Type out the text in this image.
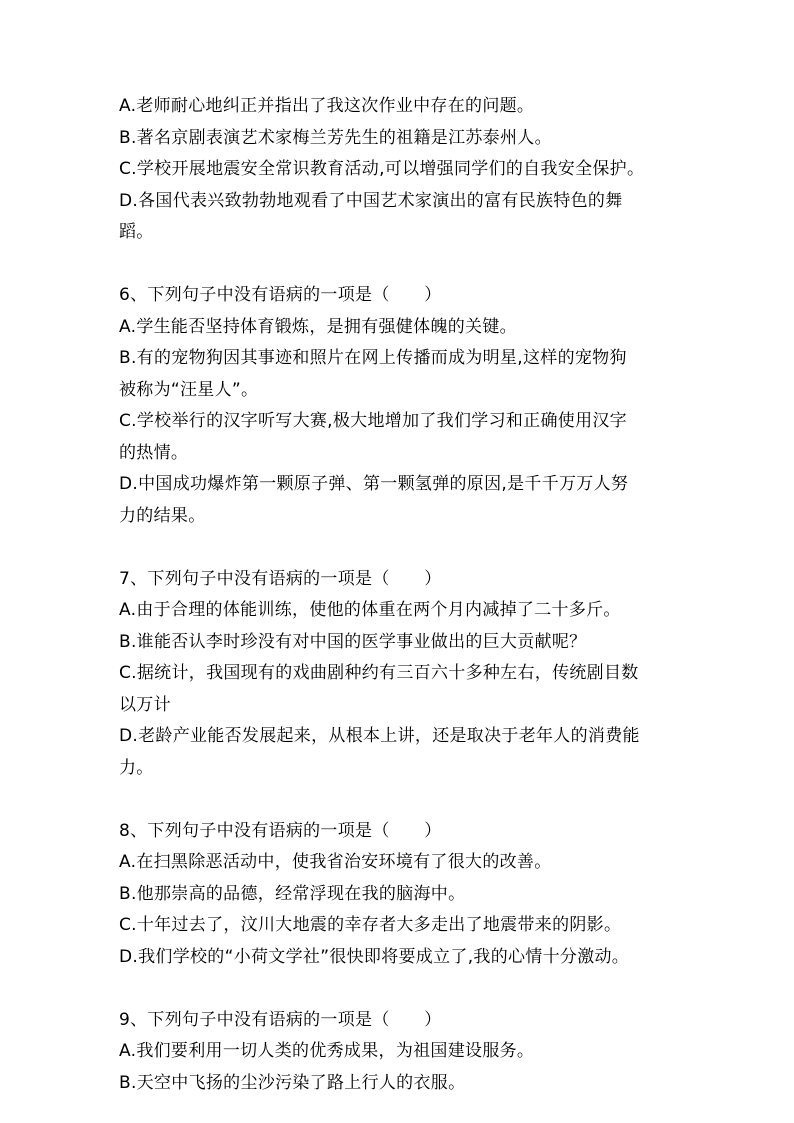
A.老师耐心地纠正并指出了我这次作业中存在的问题。
B.著名京剧表演艺术家梅兰芳先生的祖籍是江苏泰州人。
C.学校开展地震安全常识教育活动,可以增强同学们的自我安全保护。
D.各国代表兴致勃勃地观看了中国艺术家演出的富有民族特色的舞
蹈。
6、下列句子中没有语病的一项是（　　）
A.学生能否坚持体育锻炼，是拥有强健体魄的关键。
B.有的宠物狗因其事迹和照片在网上传播而成为明星,这样的宠物狗
被称为“汪星人”。
C.学校举行的汉字听写大赛,极大地增加了我们学习和正确使用汉字
的热情。
D.中国成功爆炸第一颗原子弹、第一颗氢弹的原因,是千千万万人努
力的结果。
7、下列句子中没有语病的一项是（　　）
A.由于合理的体能训练，使他的体重在两个月内减掉了二十多斤。
B.谁能否认李时珍没有对中国的医学事业做出的巨大贡献呢？
C.据统计，我国现有的戏曲剧种约有三百六十多种左右，传统剧目数
以万计
D.老龄产业能否发展起来，从根本上讲，还是取决于老年人的消费能
力。
8、下列句子中没有语病的一项是（　　）
A.在扫黑除恶活动中，使我省治安环境有了很大的改善。
B.他那崇高的品德，经常浮现在我的脑海中。
C.十年过去了，汶川大地震的幸存者大多走出了地震带来的阴影。
D.我们学校的“小荷文学社”很快即将要成立了,我的心情十分激动。
9、下列句子中没有语病的一项是（　　）
A.我们要利用一切人类的优秀成果，为祖国建设服务。
B.天空中飞扬的尘沙污染了路上行人的衣服。
